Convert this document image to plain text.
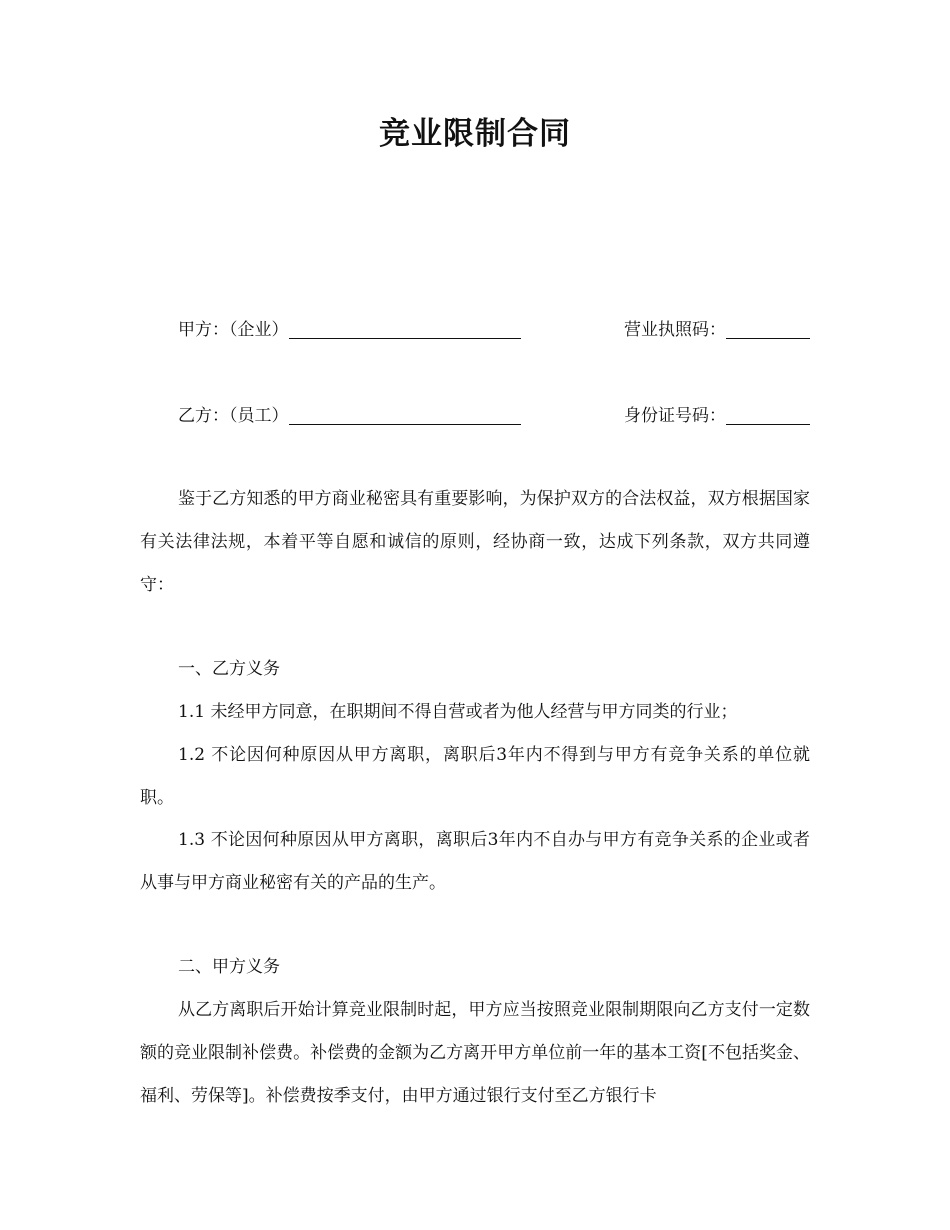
竞业限制合同
甲方：（企业）	营业执照码：
乙方：（员工）	身份证号码：

鉴于乙方知悉的甲方商业秘密具有重要影响，为保护双方的合法权益，双方根据国家有关法律法规，本着平等自愿和诚信的原则，经协商一致，达成下列条款，双方共同遵守：

一、乙方义务

1.1 未经甲方同意，在职期间不得自营或者为他人经营与甲方同类的行业；

1.2 不论因何种原因从甲方离职，离职后3年内不得到与甲方有竞争关系的单位就职。

1.3 不论因何种原因从甲方离职，离职后3年内不自办与甲方有竞争关系的企业或者从事与甲方商业秘密有关的产品的生产。

二、甲方义务

从乙方离职后开始计算竞业限制时起，甲方应当按照竞业限制期限向乙方支付一定数额的竞业限制补偿费。补偿费的金额为乙方离开甲方单位前一年的基本工资[不包括奖金、福利、劳保等]。补偿费按季支付，由甲方通过银行支付至乙方银行卡
